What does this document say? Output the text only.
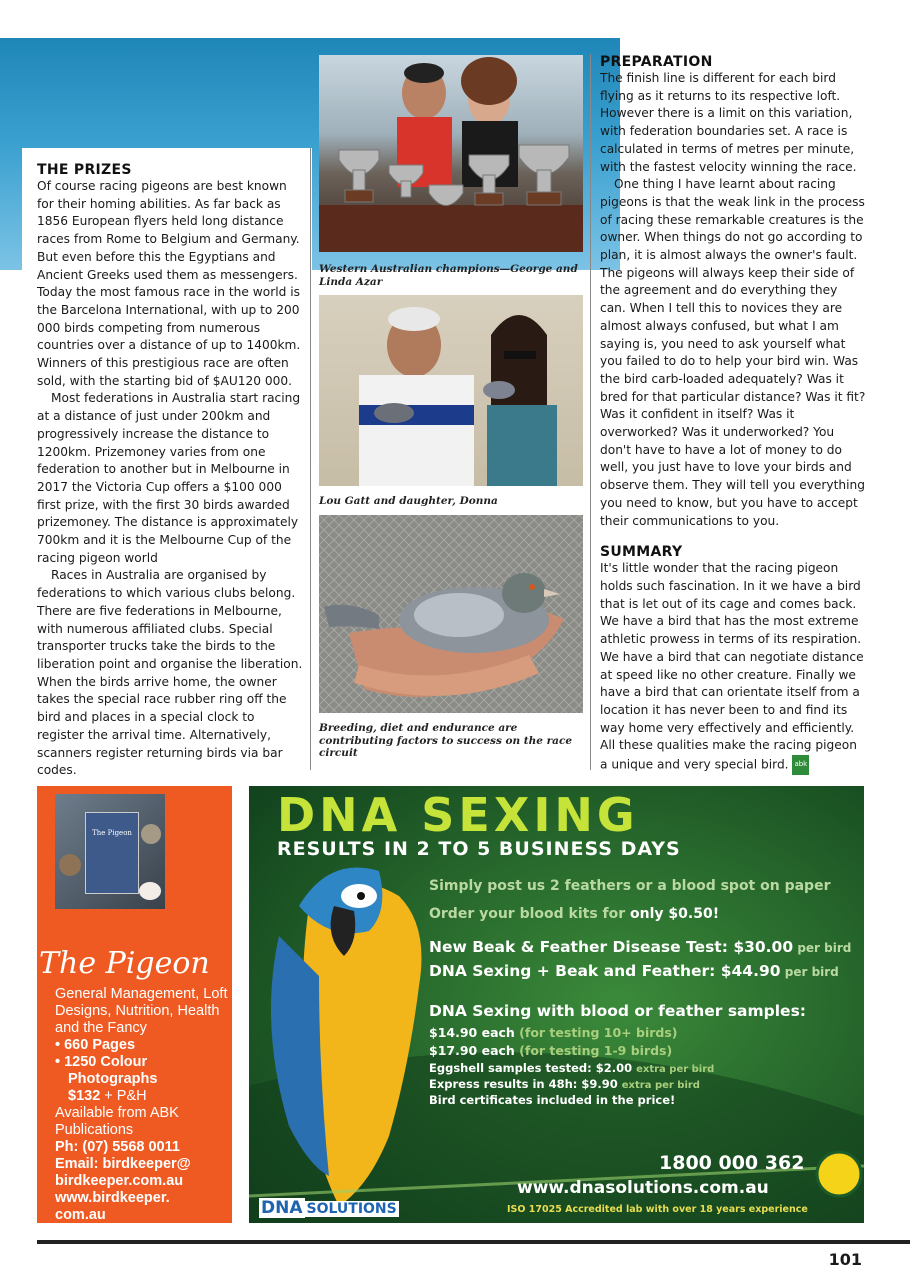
THE PRIZES

Of course racing pigeons are best known for their homing abilities. As far back as 1856 European flyers held long distance races from Rome to Belgium and Germany. But even before this the Egyptians and Ancient Greeks used them as messengers. Today the most famous race in the world is the Barcelona International, with up to 200 000 birds competing from numerous countries over a distance of up to 1400km. Winners of this prestigious race are often sold, with the starting bid of $AU120 000.

Most federations in Australia start racing at a distance of just under 200km and progressively increase the distance to 1200km. Prizemoney varies from one federation to another but in Melbourne in 2017 the Victoria Cup offers a $100 000 first prize, with the first 30 birds awarded prizemoney. The distance is approximately 700km and it is the Melbourne Cup of the racing pigeon world

Races in Australia are organised by federations to which various clubs belong. There are five federations in Melbourne, with numerous affiliated clubs. Special transporter trucks take the birds to the liberation point and organise the liberation. When the birds arrive home, the owner takes the special race rubber ring off the bird and places in a special clock to register the arrival time. Alternatively, scanners register returning birds via bar codes.

Western Australian champions—George and Linda Azar
Lou Gatt and daughter, Donna
Breeding, diet and endurance are contributing factors to success on the race circuit
PREPARATION

The finish line is different for each bird flying as it returns to its respective loft. However there is a limit on this variation, with federation boundaries set. A race is calculated in terms of metres per minute, with the fastest velocity winning the race.

One thing I have learnt about racing pigeons is that the weak link in the process of racing these remarkable creatures is the owner. When things do not go according to plan, it is almost always the owner's fault. The pigeons will always keep their side of the agreement and do everything they can. When I tell this to novices they are almost always confused, but what I am saying is, you need to ask yourself what you failed to do to help your bird win. Was the bird carb-loaded adequately? Was it bred for that particular distance? Was it fit? Was it confident in itself? Was it overworked? Was it underworked? You don't have to have a lot of money to do well, you just have to love your birds and observe them. They will tell you everything you need to know, but you have to accept their communications to you.

SUMMARY

It's little wonder that the racing pigeon holds such fascination. In it we have a bird that is let out of its cage and comes back. We have a bird that has the most extreme athletic prowess in terms of its respiration. We have a bird that can negotiate distance at speed like no other creature. Finally we have a bird that can orientate itself from a location it has never been to and find its way home very effectively and efficiently. All these qualities make the racing pigeon a unique and very special bird. abk

The Pigeon
The Pigeon
General Management, Loft Designs, Nutrition, Health and the Fancy
• 660 Pages
• 1250 Colour
Photographs
$132 + P&H
Available from ABK Publications
Ph: (07) 5568 0011
Email: birdkeeper@
birdkeeper.com.au
www.birdkeeper.
com.au
DNA SEXING
RESULTS IN 2 TO 5 BUSINESS DAYS
Simply post us 2 feathers or a blood spot on paper
Order your blood kits for only $0.50!
New Beak & Feather Disease Test: $30.00 per bird
DNA Sexing + Beak and Feather: $44.90 per bird
DNA Sexing with blood or feather samples:
$14.90 each (for testing 10+ birds)
$17.90 each (for testing 1-9 birds)
Eggshell samples tested: $2.00 extra per bird
Express results in 48h: $9.90 extra per bird
Bird certificates included in the price!
1800 000 362
www.dnasolutions.com.au
DNA SOLUTIONS	ISO 17025 Accredited lab with over 18 years experience
101
